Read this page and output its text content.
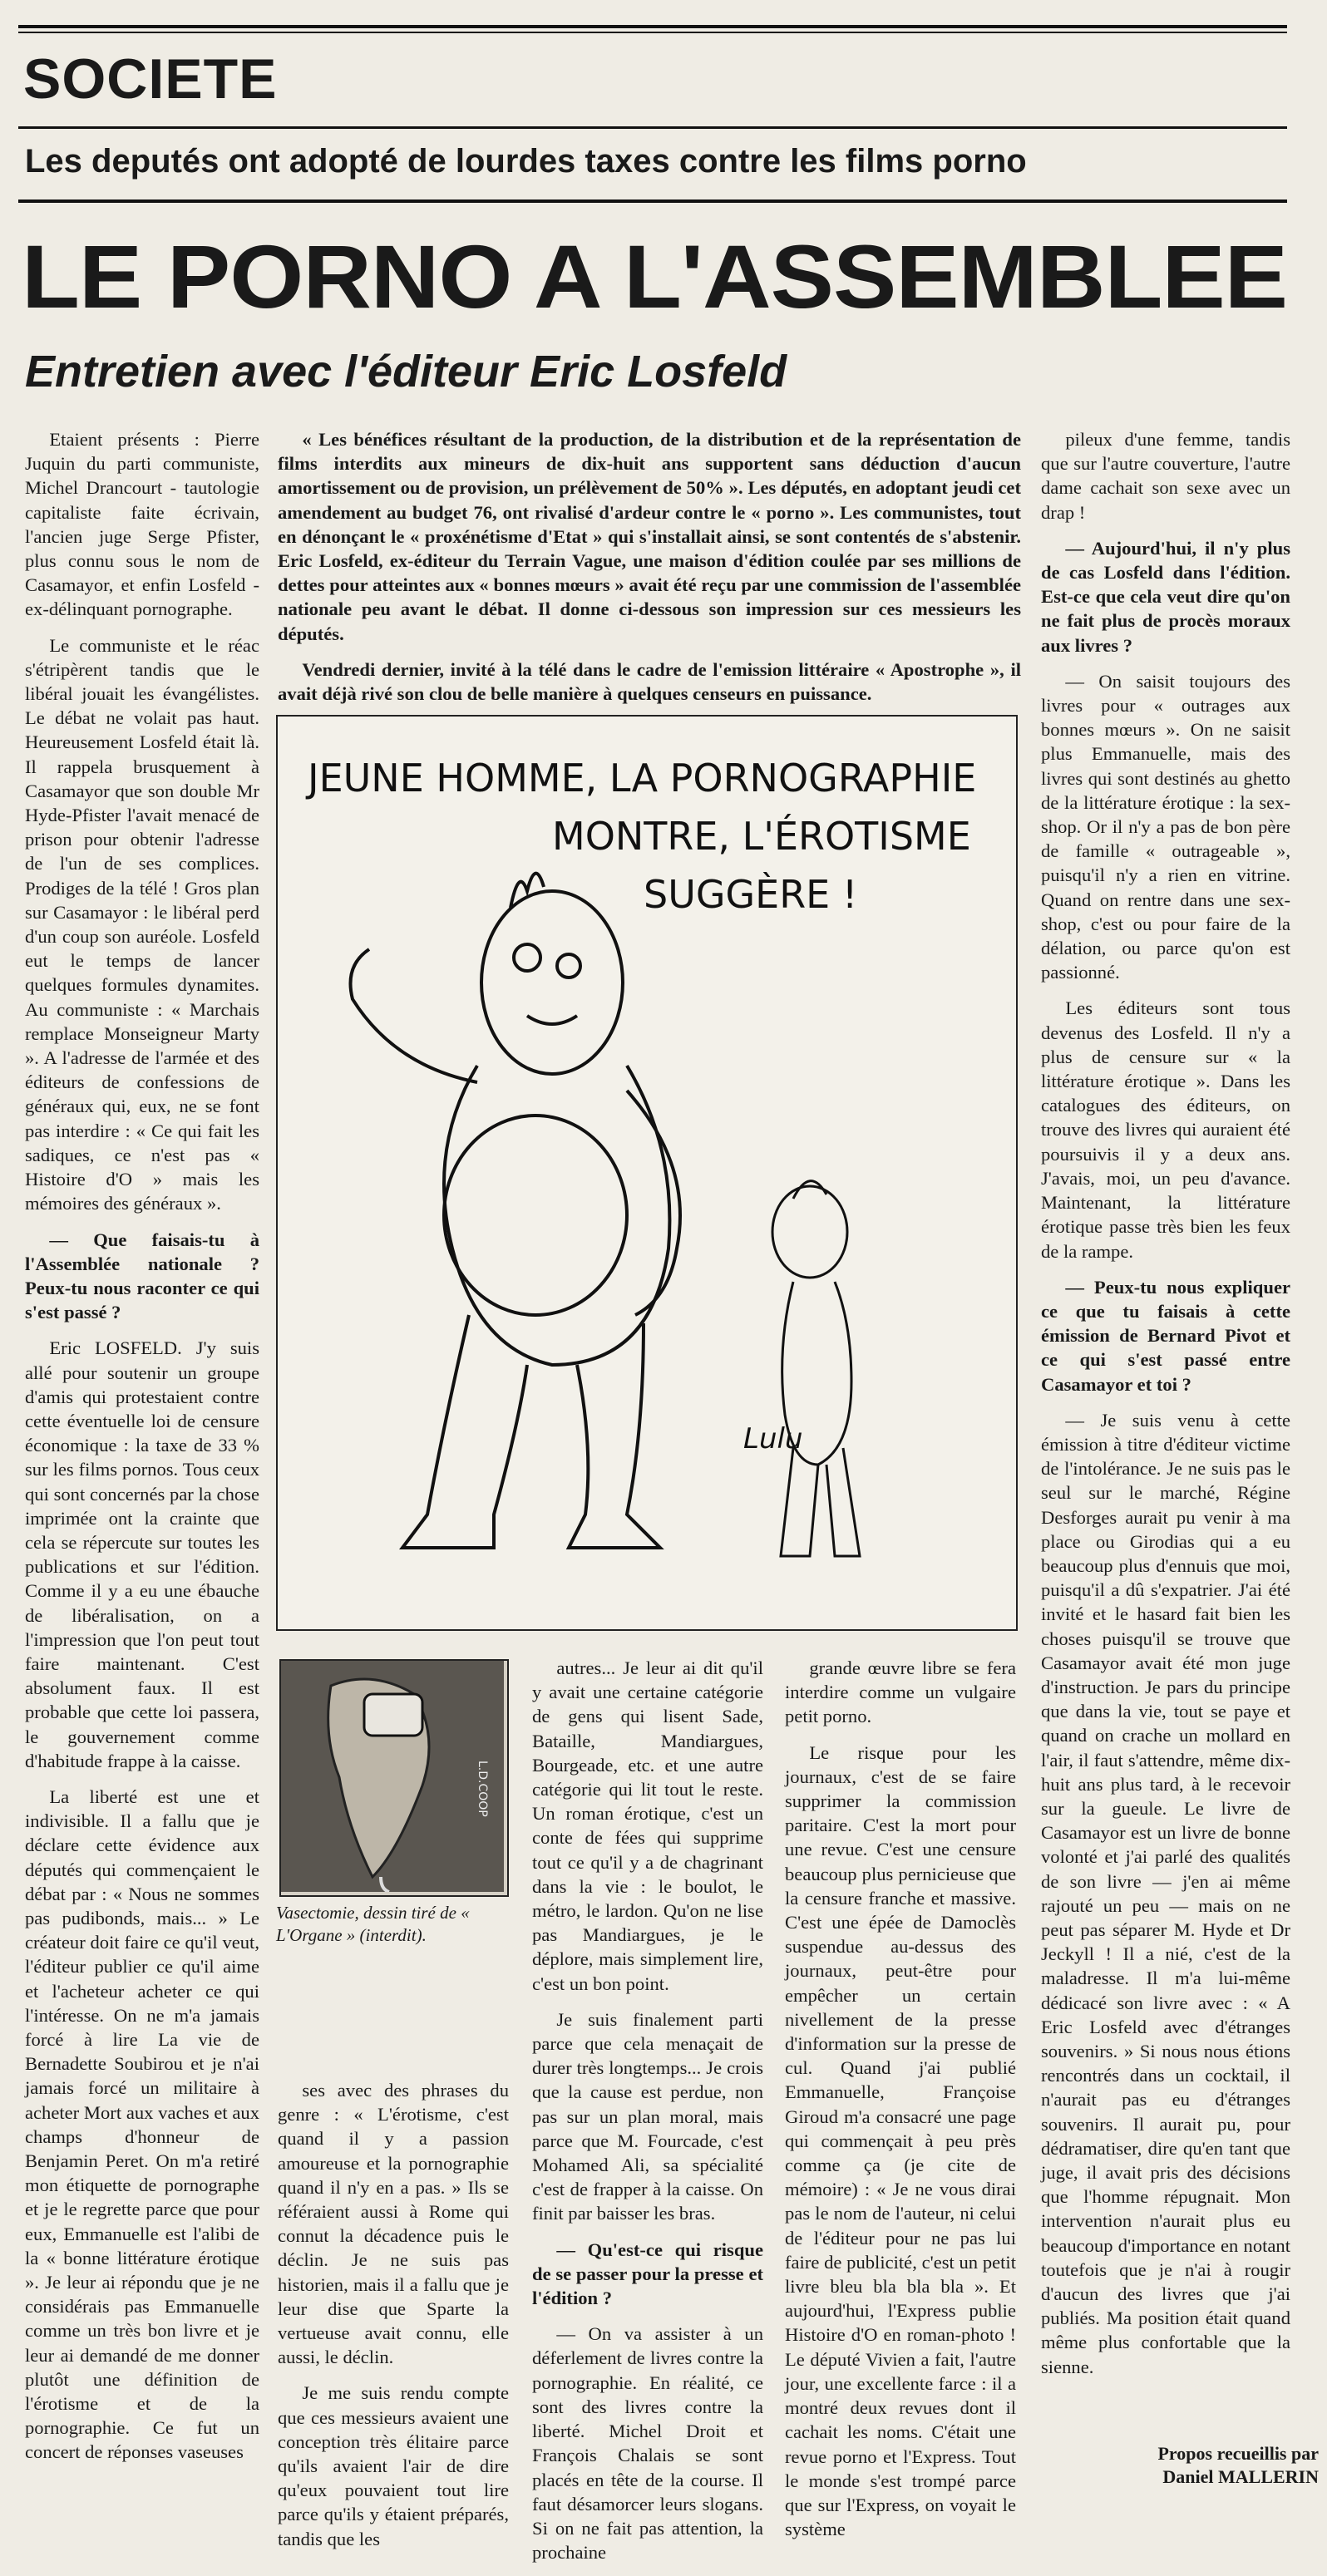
SOCIETE
Les deputés ont adopté de lourdes taxes contre les films porno
LE PORNO A L'ASSEMBLEE
Entretien avec l'éditeur Eric Losfeld

Etaient présents : Pierre Juquin du parti communiste, Michel Drancourt - tautologie capitaliste faite écrivain, l'ancien juge Serge Pfister, plus connu sous le nom de Casamayor, et enfin Losfeld - ex-délinquant pornographe.

Le communiste et le réac s'étripèrent tandis que le libéral jouait les évangélistes. Le débat ne volait pas haut. Heureusement Losfeld était là. Il rappela brusquement à Casamayor que son double Mr Hyde-Pfister l'avait menacé de prison pour obtenir l'adresse de l'un de ses complices. Prodiges de la télé ! Gros plan sur Casamayor : le libéral perd d'un coup son auréole. Losfeld eut le temps de lancer quelques formules dynamites. Au communiste : « Marchais remplace Monseigneur Marty ». A l'adresse de l'armée et des éditeurs de confessions de généraux qui, eux, ne se font pas interdire : « Ce qui fait les sadiques, ce n'est pas « Histoire d'O » mais les mémoires des généraux ».

— Que faisais-tu à l'Assemblée nationale ? Peux-tu nous raconter ce qui s'est passé ?

Eric LOSFELD. J'y suis allé pour soutenir un groupe d'amis qui protestaient contre cette éventuelle loi de censure économique : la taxe de 33 % sur les films pornos. Tous ceux qui sont concernés par la chose imprimée ont la crainte que cela se répercute sur toutes les publications et sur l'édition. Comme il y a eu une ébauche de libéralisation, on a l'impression que l'on peut tout faire maintenant. C'est absolument faux. Il est probable que cette loi passera, le gouvernement comme d'habitude frappe à la caisse.

La liberté est une et indivisible. Il a fallu que je déclare cette évidence aux députés qui commençaient le débat par : « Nous ne sommes pas pudibonds, mais... » Le créateur doit faire ce qu'il veut, l'éditeur publier ce qu'il aime et l'acheteur acheter ce qui l'intéresse. On ne m'a jamais forcé à lire La vie de Bernadette Soubirou et je n'ai jamais forcé un militaire à acheter Mort aux vaches et aux champs d'honneur de Benjamin Peret. On m'a retiré mon étiquette de pornographe et je le regrette parce que pour eux, Emmanuelle est l'alibi de la « bonne littérature érotique ». Je leur ai répondu que je ne considérais pas Emmanuelle comme un très bon livre et je leur ai demandé de me donner plutôt une définition de l'érotisme et de la pornographie. Ce fut un concert de réponses vaseuses

« Les bénéfices résultant de la production, de la distribution et de la représentation de films interdits aux mineurs de dix-huit ans supportent sans déduction d'aucun amortissement ou de provision, un prélèvement de 50% ». Les députés, en adoptant jeudi cet amendement au budget 76, ont rivalisé d'ardeur contre le « porno ». Les communistes, tout en dénonçant le « proxénétisme d'Etat » qui s'installait ainsi, se sont contentés de s'abstenir. Eric Losfeld, ex-éditeur du Terrain Vague, une maison d'édition coulée par ses millions de dettes pour atteintes aux « bonnes mœurs » avait été reçu par une commission de l'assemblée nationale peu avant le débat. Il donne ci-dessous son impression sur ces messieurs les députés.

Vendredi dernier, invité à la télé dans le cadre de l'emission littéraire « Apostrophe », il avait déjà rivé son clou de belle manière à quelques censeurs en puissance.

JEUNE HOMME, LA PORNOGRAPHIE
MONTRE, L'ÉROTISME
SUGGÈRE !
Lulu
L.D.COOP
Vasectomie, dessin tiré de « L'Organe » (interdit).

ses avec des phrases du genre : « L'érotisme, c'est quand il y a passion amoureuse et la pornographie quand il n'y en a pas. » Ils se référaient aussi à Rome qui connut la décadence puis le déclin. Je ne suis pas historien, mais il a fallu que je leur dise que Sparte la vertueuse avait connu, elle aussi, le déclin.

Je me suis rendu compte que ces messieurs avaient une conception très élitaire parce qu'ils avaient l'air de dire qu'eux pouvaient tout lire parce qu'ils y étaient préparés, tandis que les

autres... Je leur ai dit qu'il y avait une certaine catégorie de gens qui lisent Sade, Bataille, Mandiargues, Bourgeade, etc. et une autre catégorie qui lit tout le reste. Un roman érotique, c'est un conte de fées qui supprime tout ce qu'il y a de chagrinant dans la vie : le boulot, le métro, le lardon. Qu'on ne lise pas Mandiargues, je le déplore, mais simplement lire, c'est un bon point.

Je suis finalement parti parce que cela menaçait de durer très longtemps... Je crois que la cause est perdue, non pas sur un plan moral, mais parce que M. Fourcade, c'est Mohamed Ali, sa spécialité c'est de frapper à la caisse. On finit par baisser les bras.

— Qu'est-ce qui risque de se passer pour la presse et l'édition ?

— On va assister à un déferlement de livres contre la pornographie. En réalité, ce sont des livres contre la liberté. Michel Droit et François Chalais se sont placés en tête de la course. Il faut désamorcer leurs slogans. Si on ne fait pas attention, la prochaine

grande œuvre libre se fera interdire comme un vulgaire petit porno.

Le risque pour les journaux, c'est de se faire supprimer la commission paritaire. C'est la mort pour une revue. C'est une censure beaucoup plus pernicieuse que la censure franche et massive. C'est une épée de Damoclès suspendue au-dessus des journaux, peut-être pour empêcher un certain nivellement de la presse d'information sur la presse de cul. Quand j'ai publié Emmanuelle, Françoise Giroud m'a consacré une page qui commençait à peu près comme ça (je cite de mémoire) : « Je ne vous dirai pas le nom de l'auteur, ni celui de l'éditeur pour ne pas lui faire de publicité, c'est un petit livre bleu bla bla bla ». Et aujourd'hui, l'Express publie Histoire d'O en roman-photo ! Le député Vivien a fait, l'autre jour, une excellente farce : il a montré deux revues dont il cachait les noms. C'était une revue porno et l'Express. Tout le monde s'est trompé parce que sur l'Express, on voyait le système

pileux d'une femme, tandis que sur l'autre couverture, l'autre dame cachait son sexe avec un drap !

— Aujourd'hui, il n'y plus de cas Losfeld dans l'édition. Est-ce que cela veut dire qu'on ne fait plus de procès moraux aux livres ?

— On saisit toujours des livres pour « outrages aux bonnes mœurs ». On ne saisit plus Emmanuelle, mais des livres qui sont destinés au ghetto de la littérature érotique : la sex-shop. Or il n'y a pas de bon père de famille « outrageable », puisqu'il n'y a rien en vitrine. Quand on rentre dans une sex-shop, c'est ou pour faire de la délation, ou parce qu'on est passionné.

Les éditeurs sont tous devenus des Losfeld. Il n'y a plus de censure sur « la littérature érotique ». Dans les catalogues des éditeurs, on trouve des livres qui auraient été poursuivis il y a deux ans. J'avais, moi, un peu d'avance. Maintenant, la littérature érotique passe très bien les feux de la rampe.

— Peux-tu nous expliquer ce que tu faisais à cette émission de Bernard Pivot et ce qui s'est passé entre Casamayor et toi ?

— Je suis venu à cette émission à titre d'éditeur victime de l'intolérance. Je ne suis pas le seul sur le marché, Régine Desforges aurait pu venir à ma place ou Girodias qui a eu beaucoup plus d'ennuis que moi, puisqu'il a dû s'expatrier. J'ai été invité et le hasard fait bien les choses puisqu'il se trouve que Casamayor avait été mon juge d'instruction. Je pars du principe que dans la vie, tout se paye et quand on crache un mollard en l'air, il faut s'attendre, même dix-huit ans plus tard, à le recevoir sur la gueule. Le livre de Casamayor est un livre de bonne volonté et j'ai parlé des qualités de son livre — j'en ai même rajouté un peu — mais on ne peut pas séparer M. Hyde et Dr Jeckyll ! Il a nié, c'est de la maladresse. Il m'a lui-même dédicacé son livre avec : « A Eric Losfeld avec d'étranges souvenirs. » Si nous nous étions rencontrés dans un cocktail, il n'aurait pas eu d'étranges souvenirs. Il aurait pu, pour dédramatiser, dire qu'en tant que juge, il avait pris des décisions que l'homme répugnait. Mon intervention n'aurait plus eu beaucoup d'importance en notant toutefois que je n'ai à rougir d'aucun des livres que j'ai publiés. Ma position était quand même plus confortable que la sienne.

Propos recueillis par
Daniel MALLERIN
